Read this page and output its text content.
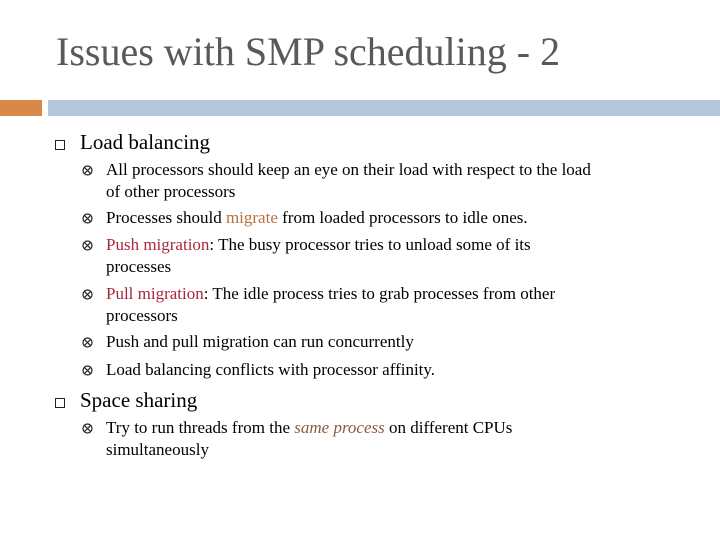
Issues with SMP scheduling - 2
Load balancing
All processors should keep an eye on their load with respect to the load
of other processors
Processes should migrate from loaded processors to idle ones.
Push migration: The busy processor tries to unload some of its
processes
Pull migration: The idle process tries to grab processes from other
processors
Push and pull migration can run concurrently
Load balancing conflicts with processor affinity.
Space sharing
Try to run threads from the same process on different CPUs
simultaneously
